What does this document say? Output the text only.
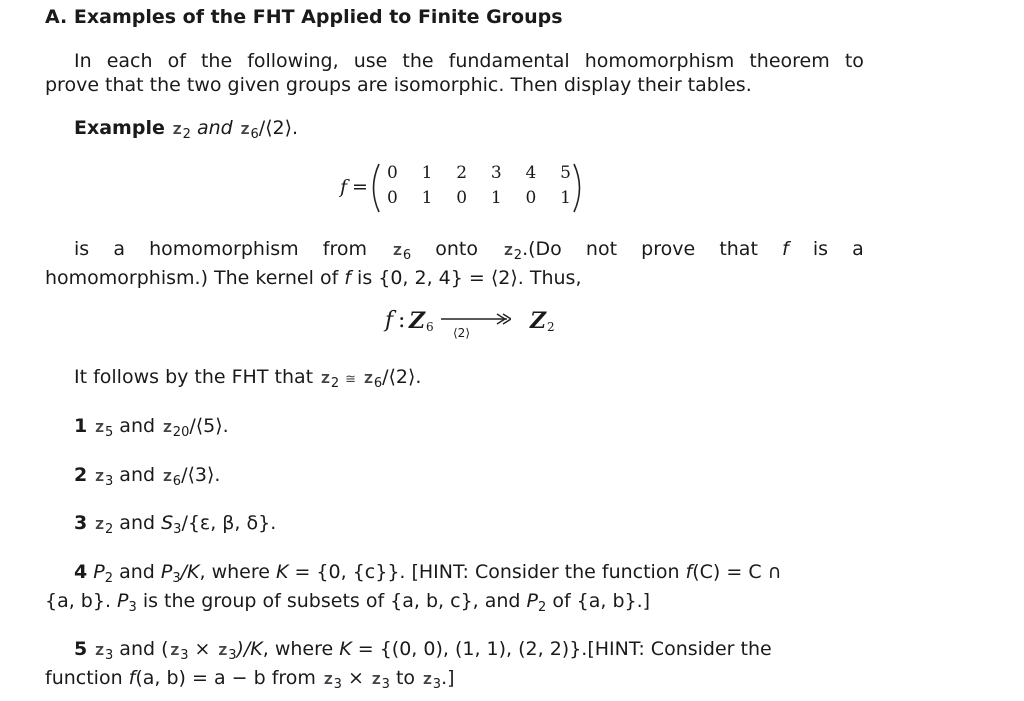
A. Examples of the FHT Applied to Finite Groups
In each of the following, use the fundamental homomorphism theorem to
prove that the two given groups are isomorphic. Then display their tables.
Example $Z_2$ and $Z_6/⟨2⟩$.
f =
0 1 2 3 4 5
0 1 0 1 0 1
is a homomorphism from $Z_6$ onto $Z_2.(Do$ not prove that f is a
homomorphism.) The kernel of f is {0, 2, 4} = ⟨2⟩. Thus,
f : Z 6 ⟨2⟩	Z 2
It follows by the FHT that $Z_2$ ≅ $Z_6/⟨2⟩$.
1 $Z_5$ and $Z_{20}/⟨5⟩$.
2 $Z_3$ and $Z_6/⟨3⟩$.
3 $Z_2$ and $S_3/\{\varepsilon$, β, δ}.
4 $P_2$ and $P_3/K$, where K = {0, {c}}. [HINT: Consider the function f(C) = C ∩
{a, b}. $P_3$ is the group of subsets of {a, b, c}, and $P_2$ of {a, b}.]
5 $Z_3$ and ( $Z_3 \times Z_3)/K$, where K = {(0, 0), (1, 1), (2, 2)}.[HINT: Consider the
function f(a, b) = a − b from $Z_3 \times Z_3$ to $Z_3$.]
